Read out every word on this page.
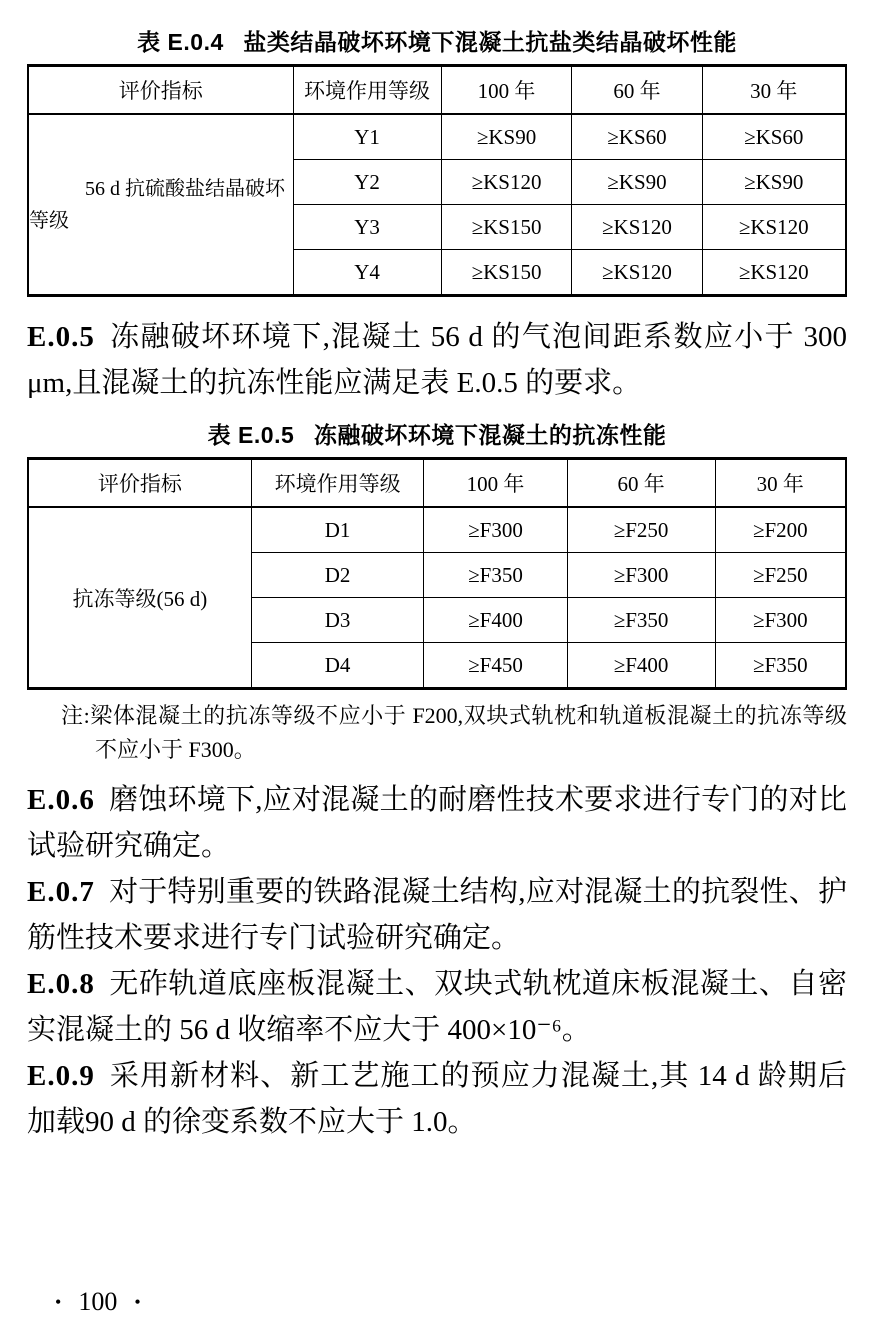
表 E.0.4 盐类结晶破坏环境下混凝土抗盐类结晶破坏性能
评价指标	环境作用等级	100 年	60 年	30 年
56 d 抗硫酸盐结晶破坏等级	Y1	≥KS90	≥KS60	≥KS60
	Y2	≥KS120	≥KS90	≥KS90
	Y3	≥KS150	≥KS120	≥KS120
	Y4	≥KS150	≥KS120	≥KS120

E.0.5 冻融破坏环境下,混凝土 56 d 的气泡间距系数应小于 300 μm,且混凝土的抗冻性能应满足表 E.0.5 的要求。

表 E.0.5 冻融破坏环境下混凝土的抗冻性能
评价指标	环境作用等级	100 年	60 年	30 年
抗冻等级(56 d)	D1	≥F300	≥F250	≥F200
	D2	≥F350	≥F300	≥F250
	D3	≥F400	≥F350	≥F300
	D4	≥F450	≥F400	≥F350

注:梁体混凝土的抗冻等级不应小于 F200,双块式轨枕和轨道板混凝土的抗冻等级不应小于 F300。

E.0.6 磨蚀环境下,应对混凝土的耐磨性技术要求进行专门的对比试验研究确定。

E.0.7 对于特别重要的铁路混凝土结构,应对混凝土的抗裂性、护筋性技术要求进行专门试验研究确定。

E.0.8 无砟轨道底座板混凝土、双块式轨枕道床板混凝土、自密实混凝土的 56 d 收缩率不应大于 400×10⁻⁶。

E.0.9 采用新材料、新工艺施工的预应力混凝土,其 14 d 龄期后加载90 d 的徐变系数不应大于 1.0。

• 100 •
